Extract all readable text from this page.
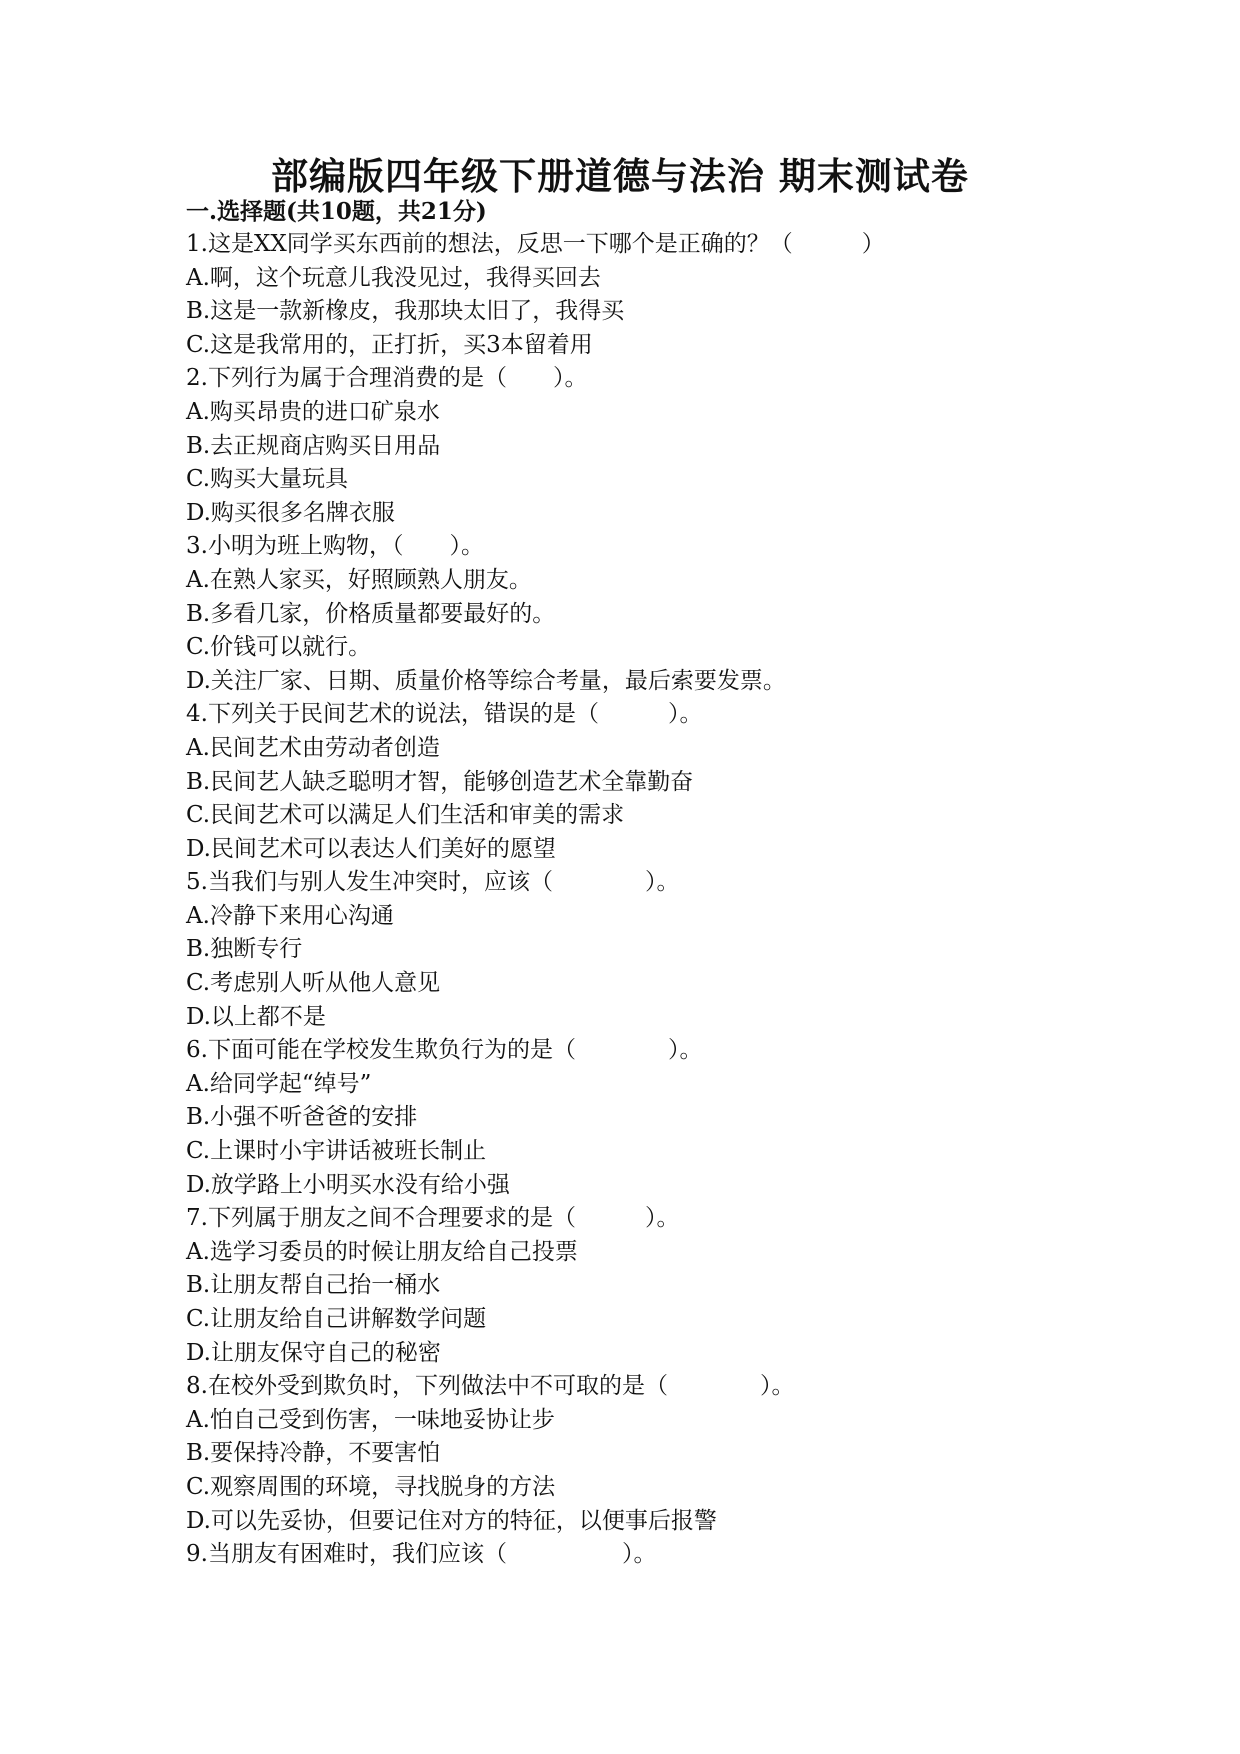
部编版四年级下册道德与法治 期末测试卷
一.选择题(共10题，共21分)
1.这是XX同学买东西前的想法，反思一下哪个是正确的？（　　　）
A.啊，这个玩意儿我没见过，我得买回去
B.这是一款新橡皮，我那块太旧了，我得买
C.这是我常用的，正打折，买3本留着用
2.下列行为属于合理消费的是（　　）。
A.购买昂贵的进口矿泉水
B.去正规商店购买日用品
C.购买大量玩具
D.购买很多名牌衣服
3.小明为班上购物，（　　）。
A.在熟人家买，好照顾熟人朋友。
B.多看几家，价格质量都要最好的。
C.价钱可以就行。
D.关注厂家、日期、质量价格等综合考量，最后索要发票。
4.下列关于民间艺术的说法，错误的是（　　　）。
A.民间艺术由劳动者创造
B.民间艺人缺乏聪明才智，能够创造艺术全靠勤奋
C.民间艺术可以满足人们生活和审美的需求
D.民间艺术可以表达人们美好的愿望
5.当我们与别人发生冲突时，应该（　　　　）。
A.冷静下来用心沟通
B.独断专行
C.考虑别人听从他人意见
D.以上都不是
6.下面可能在学校发生欺负行为的是（　　　　）。
A.给同学起“绰号”
B.小强不听爸爸的安排
C.上课时小宇讲话被班长制止
D.放学路上小明买水没有给小强
7.下列属于朋友之间不合理要求的是（　　　）。
A.选学习委员的时候让朋友给自己投票
B.让朋友帮自己抬一桶水
C.让朋友给自己讲解数学问题
D.让朋友保守自己的秘密
8.在校外受到欺负时，下列做法中不可取的是（　　　　）。
A.怕自己受到伤害，一味地妥协让步
B.要保持冷静，不要害怕
C.观察周围的环境，寻找脱身的方法
D.可以先妥协，但要记住对方的特征，以便事后报警
9.当朋友有困难时，我们应该（　　　　　）。
